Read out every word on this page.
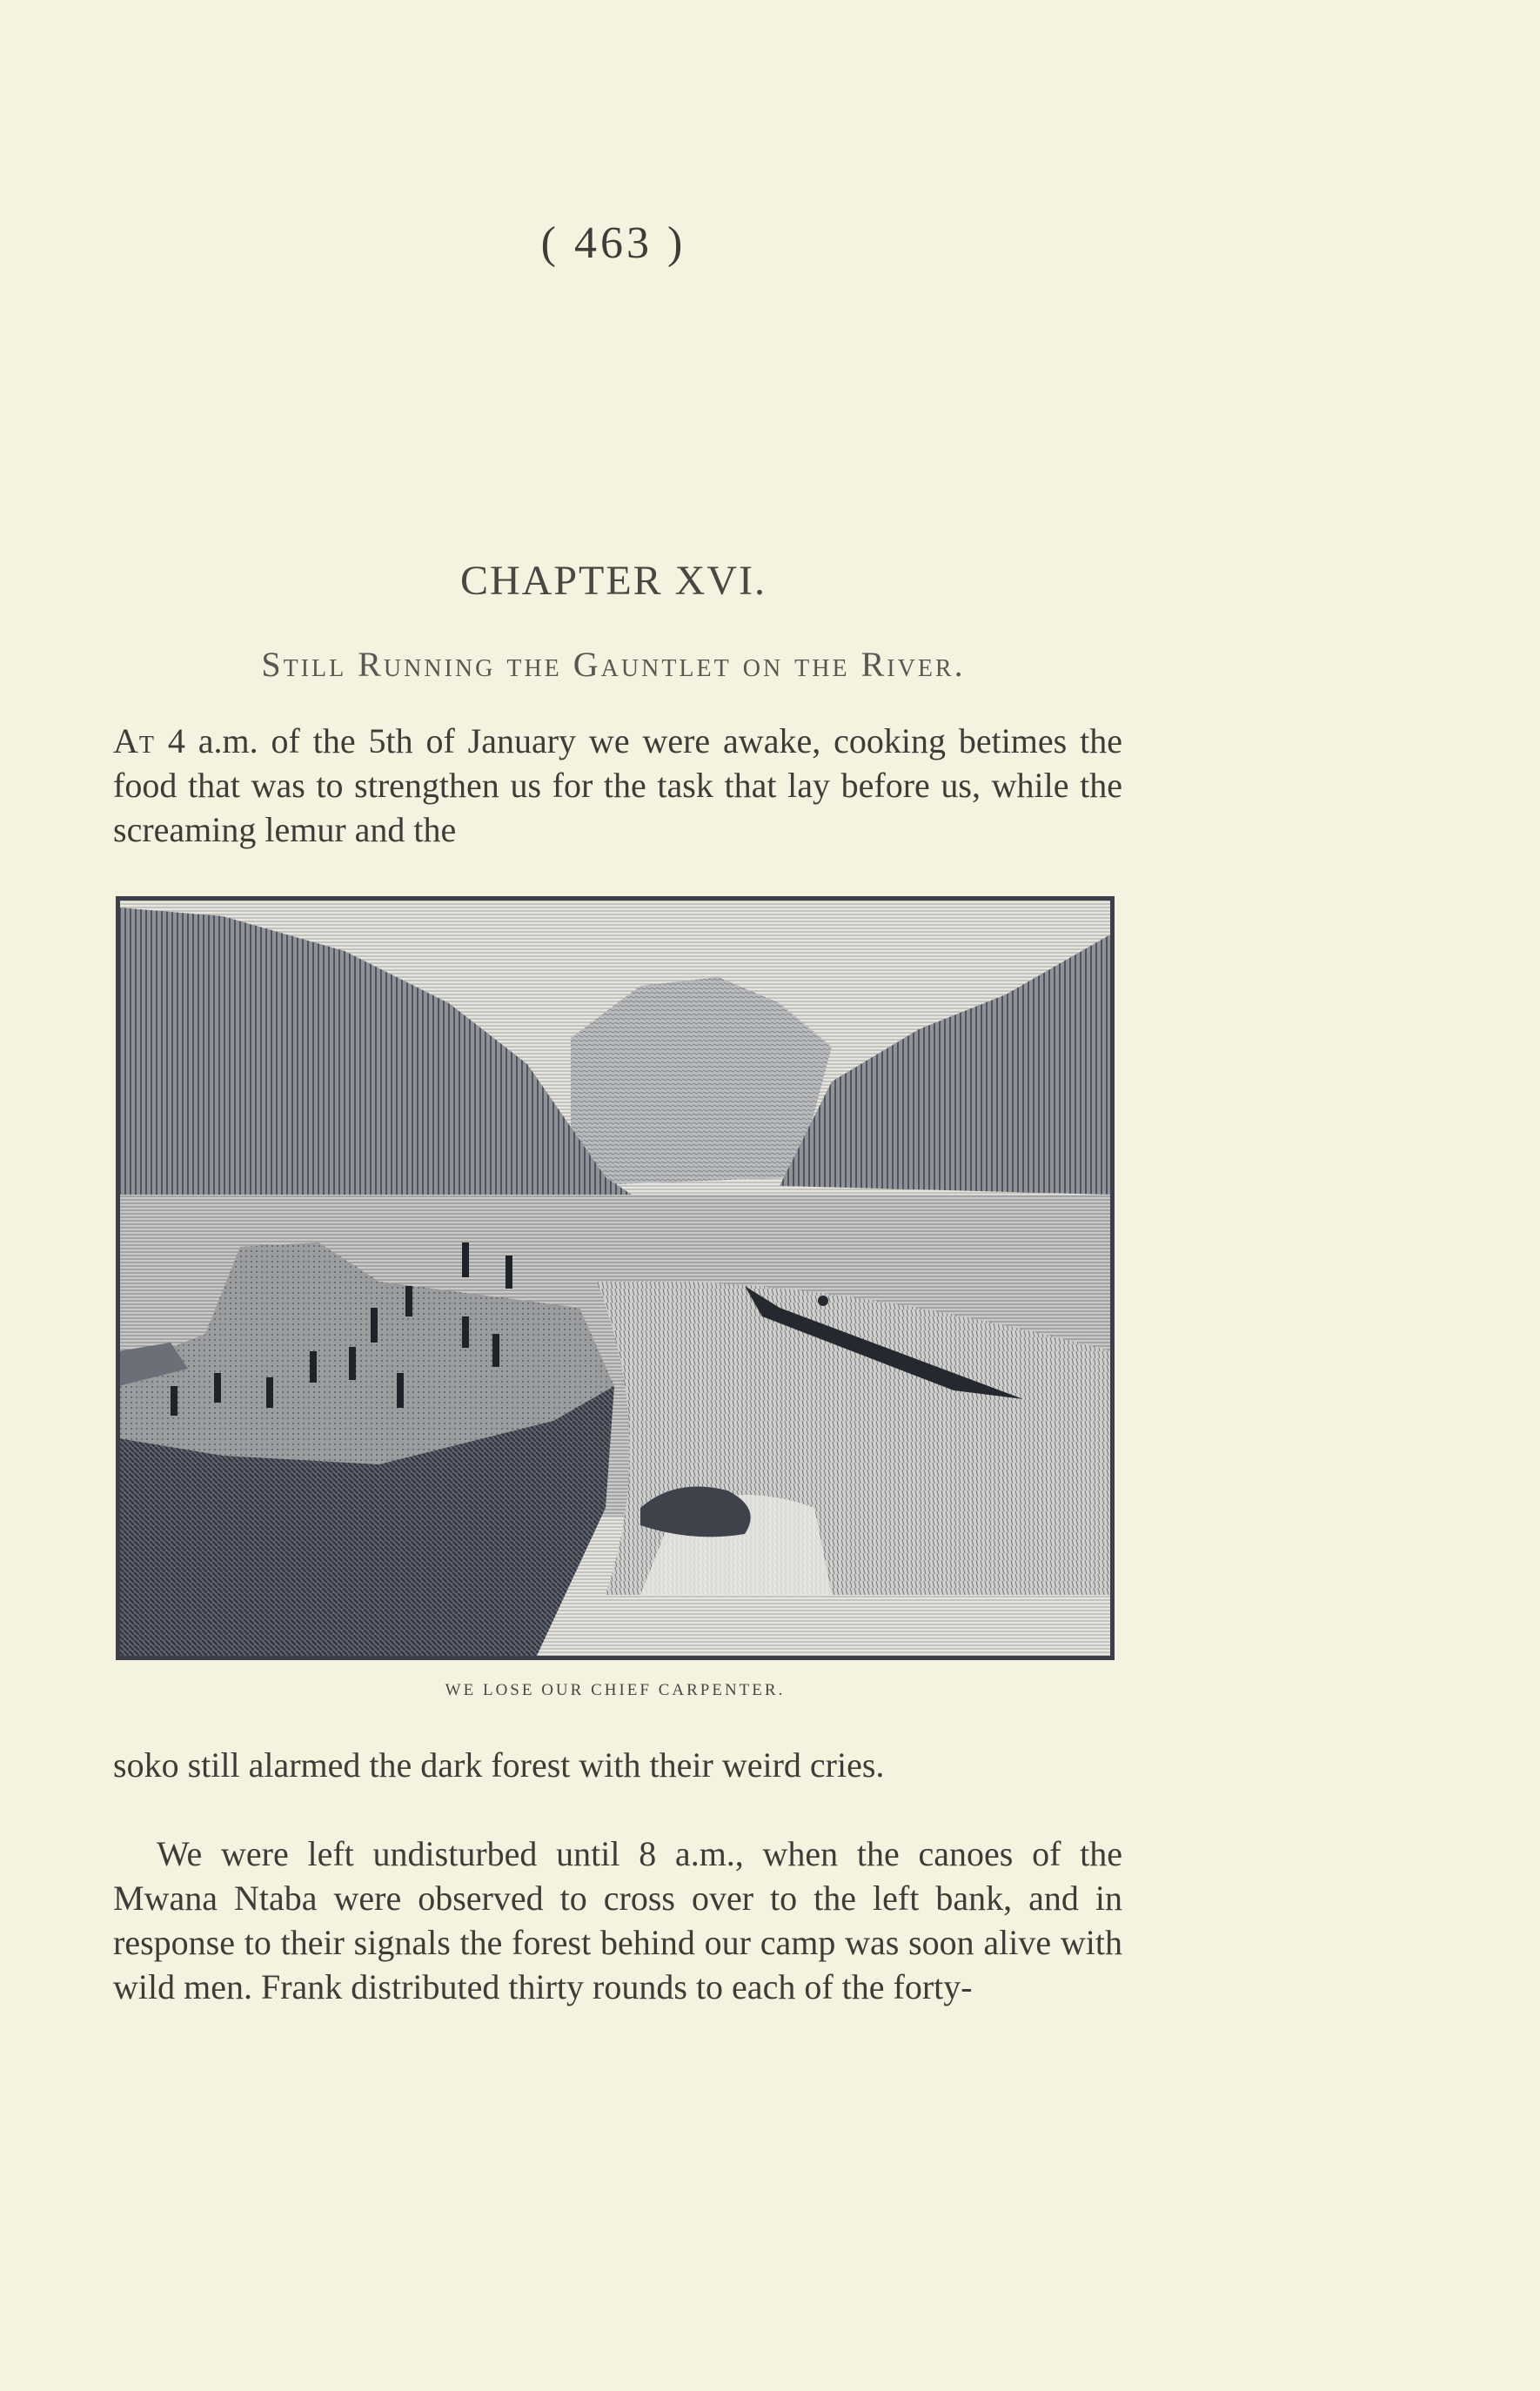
( 463 )
CHAPTER XVI.
Still Running the Gauntlet on the River.
At 4 a.m. of the 5th of January we were awake, cooking betimes the food that was to strengthen us for the task that lay before us, while the screaming lemur and the
WE LOSE OUR CHIEF CARPENTER.
soko still alarmed the dark forest with their weird cries.
We were left undisturbed until 8 a.m., when the canoes of the Mwana Ntaba were observed to cross over to the left bank, and in response to their signals the forest behind our camp was soon alive with wild men. Frank distributed thirty rounds to each of the forty-
